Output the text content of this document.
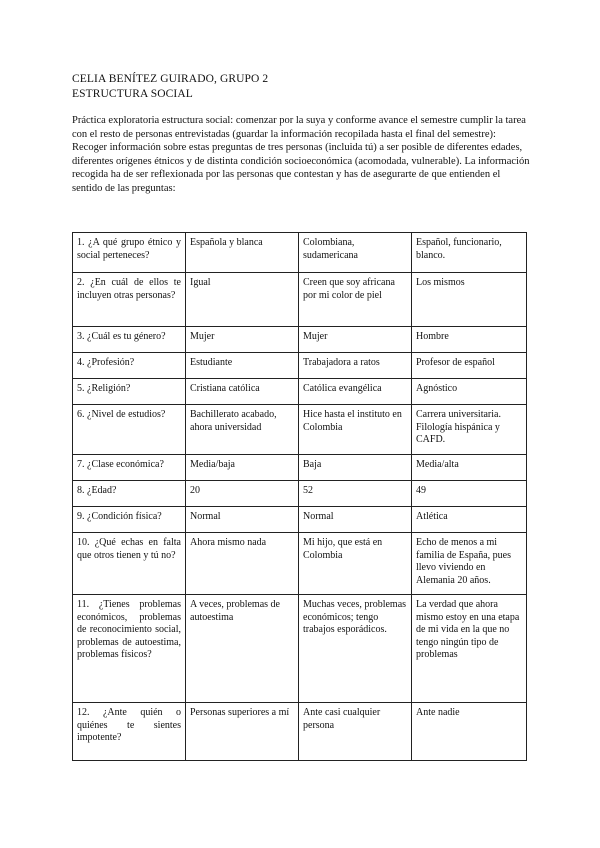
CELIA BENÍTEZ GUIRADO, GRUPO 2
ESTRUCTURA SOCIAL

Práctica exploratoria estructura social: comenzar por la suya y conforme avance el semestre cumplir la tarea con el resto de personas entrevistadas (guardar la información recopilada hasta el final del semestre):

Recoger información sobre estas preguntas de tres personas (incluida tú) a ser posible de diferentes edades, diferentes orígenes étnicos y de distinta condición socioeconómica (acomodada, vulnerable). La información recogida ha de ser reflexionada por las personas que contestan y has de asegurarte de que entienden el sentido de las preguntas:

1. ¿A qué grupo étnico y social perteneces?	Española y blanca	Colombiana, sudamericana	Español, funcionario, blanco.
2. ¿En cuál de ellos te incluyen otras personas?	Igual	Creen que soy africana por mi color de piel	Los mismos
3. ¿Cuál es tu género?	Mujer	Mujer	Hombre
4. ¿Profesión?	Estudiante	Trabajadora a ratos	Profesor de español
5. ¿Religión?	Cristiana católica	Católica evangélica	Agnóstico
6. ¿Nivel de estudios?	Bachillerato acabado, ahora universidad	Hice hasta el instituto en Colombia	Carrera universitaria. Filología hispánica y CAFD.
7. ¿Clase económica?	Media/baja	Baja	Media/alta
8. ¿Edad?	20	52	49
9. ¿Condición física?	Normal	Normal	Atlética
10. ¿Qué echas en falta que otros tienen y tú no?	Ahora mismo nada	Mi hijo, que está en Colombia	Echo de menos a mi familia de España, pues llevo viviendo en Alemania 20 años.
11. ¿Tienes problemas económicos, problemas de reconocimiento social, problemas de autoestima, problemas físicos?	A veces, problemas de autoestima	Muchas veces, problemas económicos; tengo trabajos esporádicos.	La verdad que ahora mismo estoy en una etapa de mi vida en la que no tengo ningún tipo de problemas
12. ¿Ante quién o quiénes te sientes impotente?	Personas superiores a mí	Ante casi cualquier persona	Ante nadie
